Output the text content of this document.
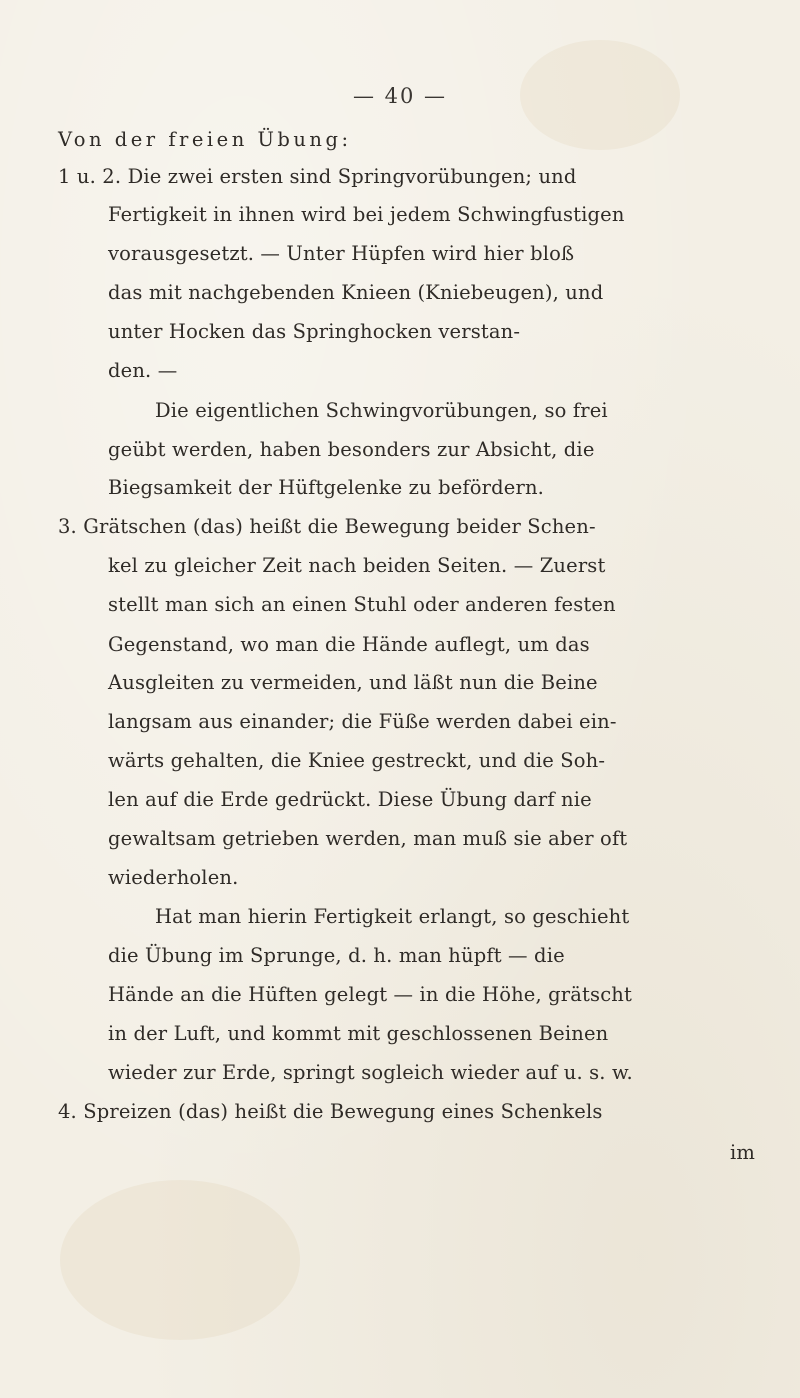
— 40 —
Von der freien Übung:
1 u. 2. Die zwei ersten sind Springvorübungen; und
Fertigkeit in ihnen wird bei jedem Schwingfustigen
vorausgesetzt. — Unter Hüpfen wird hier bloß
das mit nachgebenden Knieen (Kniebeugen), und
unter Hocken das Springhocken verstan-
den. —
Die eigentlichen Schwingvorübungen, so frei
geübt werden, haben besonders zur Absicht, die
Biegsamkeit der Hüftgelenke zu befördern.
3. Grätschen (das) heißt die Bewegung beider Schen-
kel zu gleicher Zeit nach beiden Seiten. — Zuerst
stellt man sich an einen Stuhl oder anderen festen
Gegenstand, wo man die Hände auflegt, um das
Ausgleiten zu vermeiden, und läßt nun die Beine
langsam aus einander; die Füße werden dabei ein-
wärts gehalten, die Kniee gestreckt, und die Soh-
len auf die Erde gedrückt. Diese Übung darf nie
gewaltsam getrieben werden, man muß sie aber oft
wiederholen.
Hat man hierin Fertigkeit erlangt, so geschieht
die Übung im Sprunge, d. h. man hüpft — die
Hände an die Hüften gelegt — in die Höhe, grätscht
in der Luft, und kommt mit geschlossenen Beinen
wieder zur Erde, springt sogleich wieder auf u. s. w.
4. Spreizen (das) heißt die Bewegung eines Schenkels
im
